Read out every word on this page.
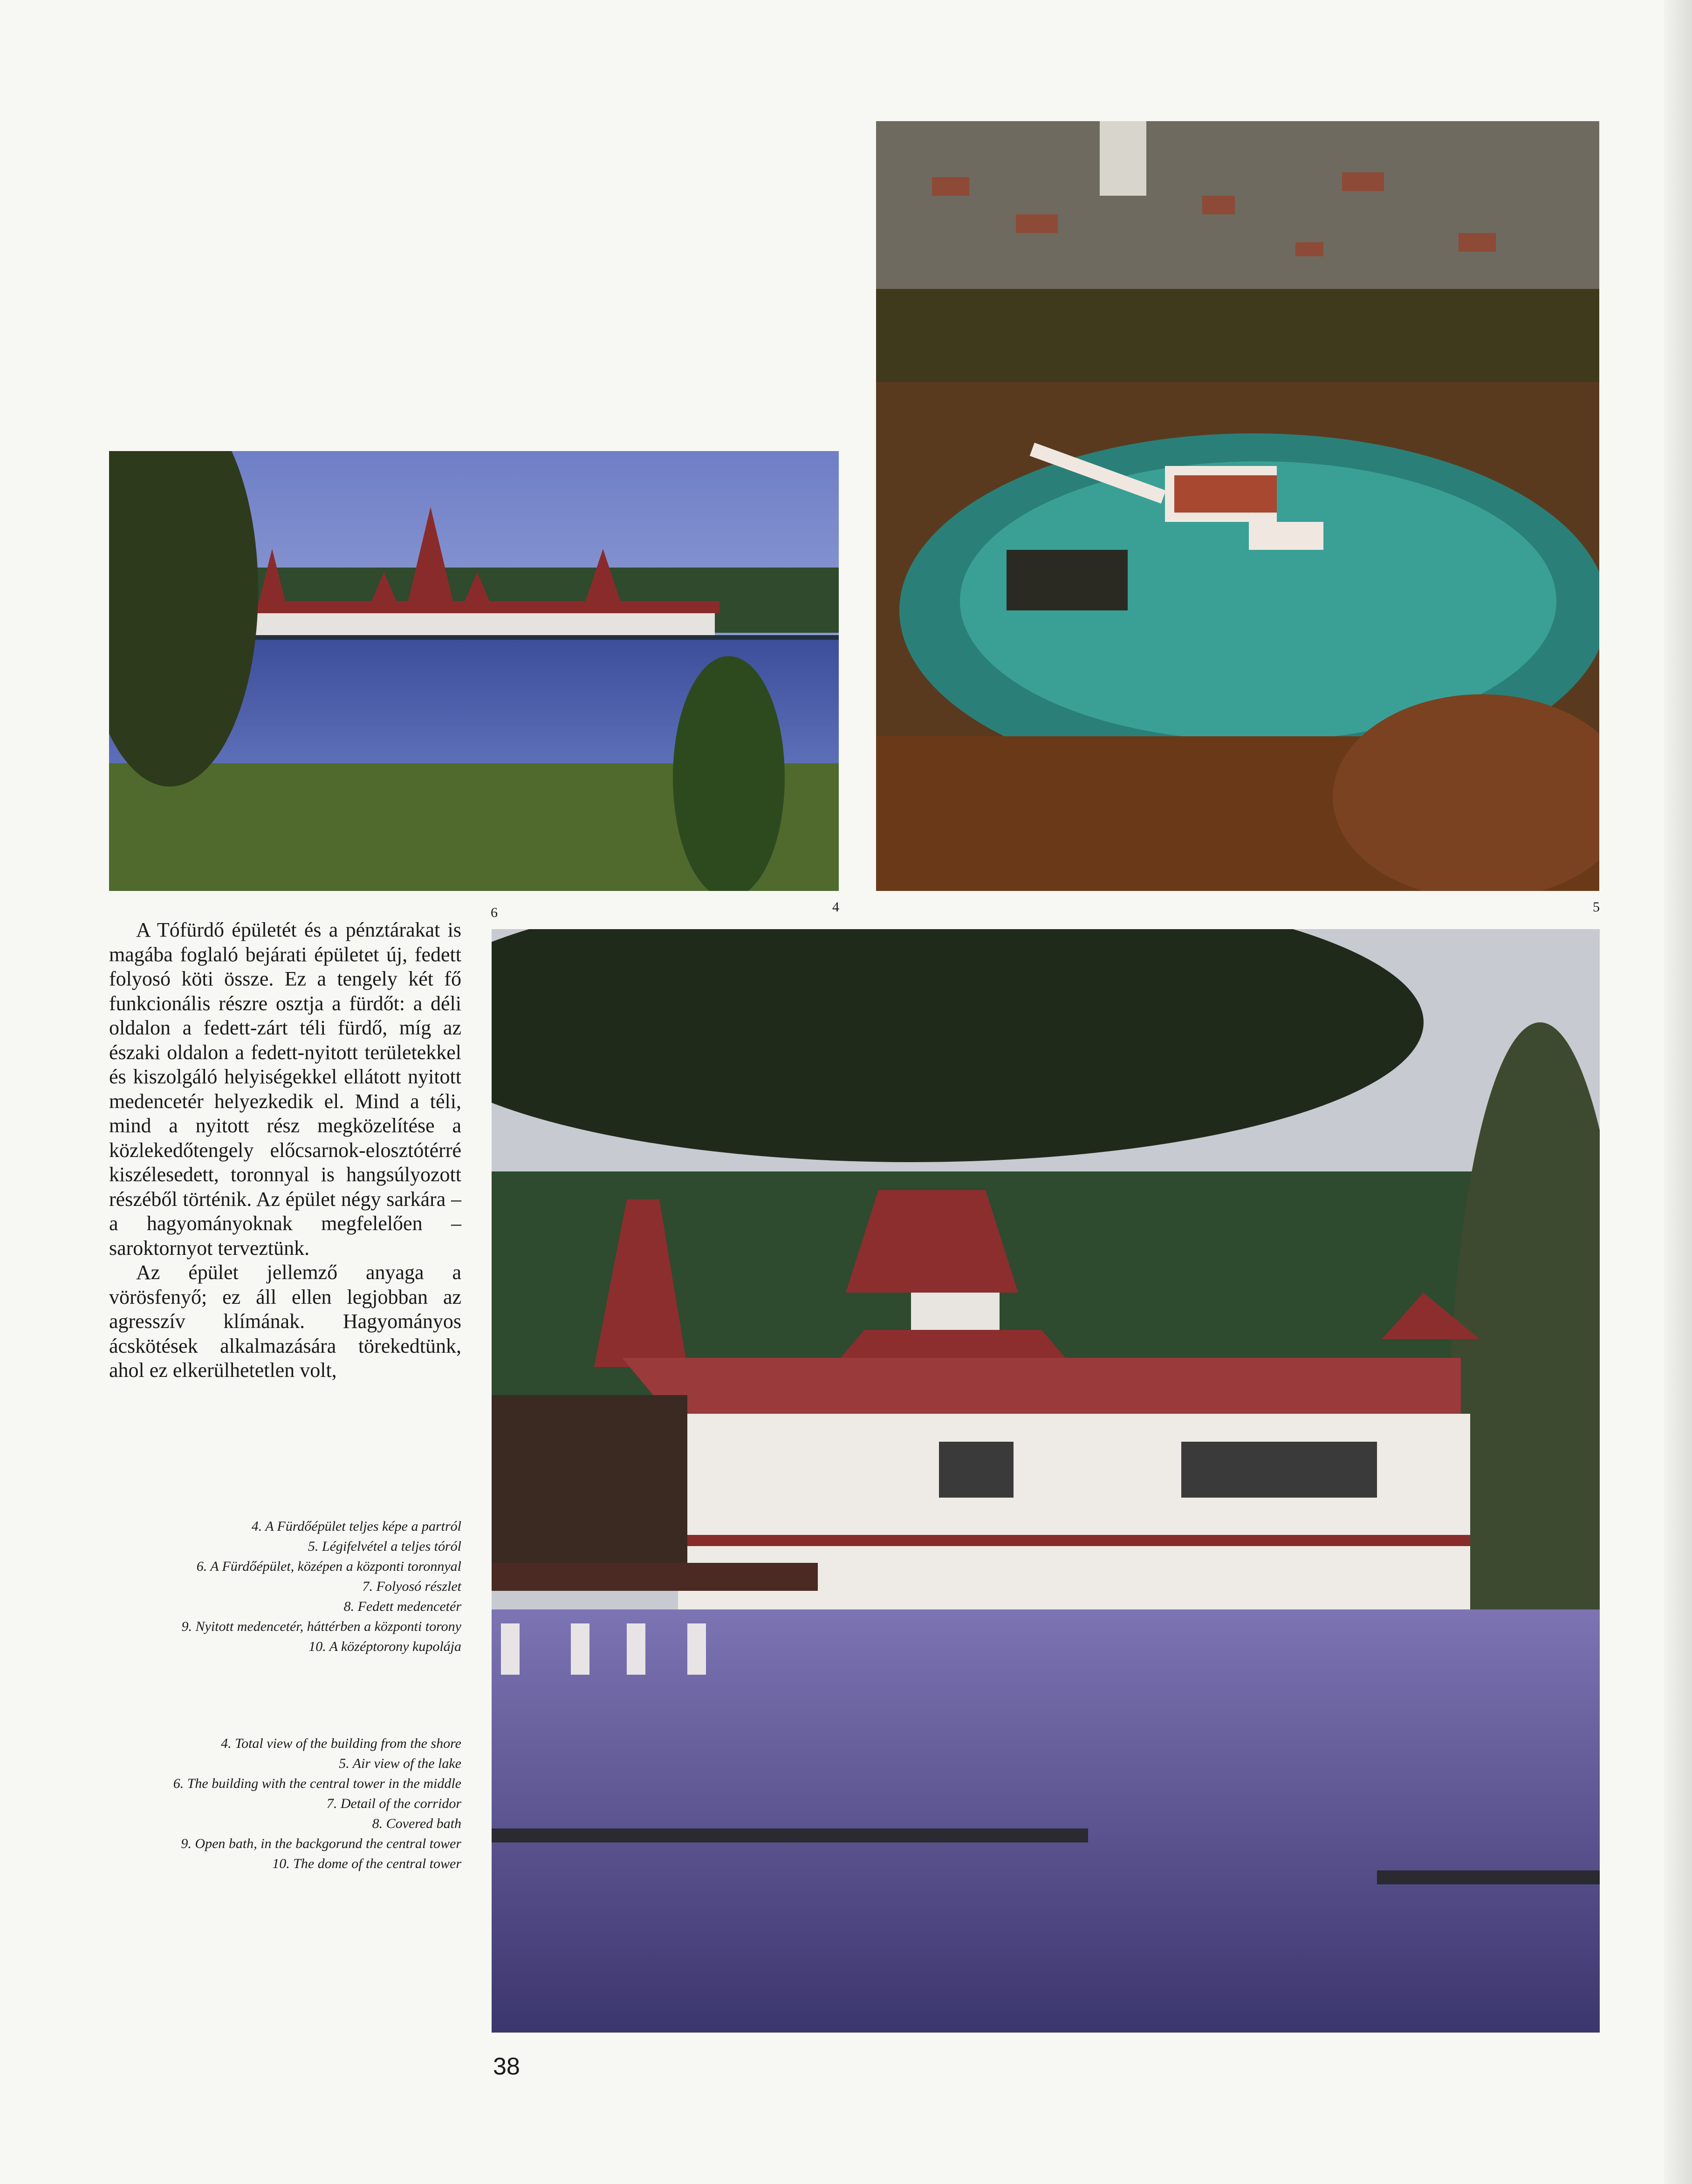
4	5
6

A Tófürdő épületét és a pénztárakat is magába foglaló bejárati épületet új, fedett folyosó köti össze. Ez a tengely két fő funkcionális részre osztja a fürdőt: a déli oldalon a fedett-zárt téli fürdő, míg az északi oldalon a fedett-nyitott területekkel és kiszolgáló helyiségekkel ellátott nyitott medencetér helyezkedik el. Mind a téli, mind a nyitott rész megközelítése a közlekedőtengely előcsarnok-elosztótérré kiszélesedett, toronnyal is hangsúlyozott részéből történik. Az épület négy sarkára – a hagyományoknak megfelelően – saroktornyot terveztünk.

Az épület jellemző anyaga a vörösfenyő; ez áll ellen legjobban az agresszív klímának. Hagyományos ácskötések alkalmazására törekedtünk, ahol ez elkerülhetetlen volt,

4. A Fürdőépület teljes képe a partról
5. Légifelvétel a teljes tóról
6. A Fürdőépület, középen a központi toronnyal
7. Folyosó részlet
8. Fedett medencetér
9. Nyitott medencetér, háttérben a központi torony
10. A középtorony kupolája
4. Total view of the building from the shore
5. Air view of the lake
6. The building with the central tower in the middle
7. Detail of the corridor
8. Covered bath
9. Open bath, in the backgorund the central tower
10. The dome of the central tower
38
